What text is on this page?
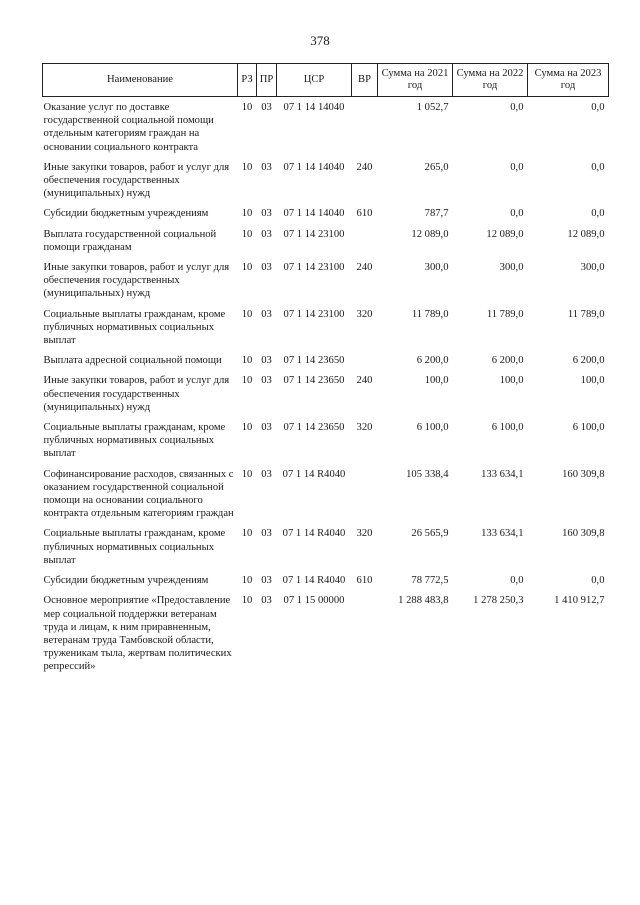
378
Наименование	РЗ	ПР	ЦСР	ВР	Сумма на 2021 год	Сумма на 2022 год	Сумма на 2023 год
Оказание услуг по доставке государственной социальной помощи отдельным категориям граждан на основании социального контракта	10	03	07 1 14 14040		1 052,7	0,0	0,0
Иные закупки товаров, работ и услуг для обеспечения государственных (муниципальных) нужд	10	03	07 1 14 14040	240	265,0	0,0	0,0
Субсидии бюджетным учреждениям	10	03	07 1 14 14040	610	787,7	0,0	0,0
Выплата государственной социальной помощи гражданам	10	03	07 1 14 23100		12 089,0	12 089,0	12 089,0
Иные закупки товаров, работ и услуг для обеспечения государственных (муниципальных) нужд	10	03	07 1 14 23100	240	300,0	300,0	300,0
Социальные выплаты гражданам, кроме публичных нормативных социальных выплат	10	03	07 1 14 23100	320	11 789,0	11 789,0	11 789,0
Выплата адресной социальной помощи	10	03	07 1 14 23650		6 200,0	6 200,0	6 200,0
Иные закупки товаров, работ и услуг для обеспечения государственных (муниципальных) нужд	10	03	07 1 14 23650	240	100,0	100,0	100,0
Социальные выплаты гражданам, кроме публичных нормативных социальных выплат	10	03	07 1 14 23650	320	6 100,0	6 100,0	6 100,0
Софинансирование расходов, связанных с оказанием государственной социальной помощи на основании социального контракта отдельным категориям граждан	10	03	07 1 14 R4040		105 338,4	133 634,1	160 309,8
Социальные выплаты гражданам, кроме публичных нормативных социальных выплат	10	03	07 1 14 R4040	320	26 565,9	133 634,1	160 309,8
Субсидии бюджетным учреждениям	10	03	07 1 14 R4040	610	78 772,5	0,0	0,0
Основное мероприятие «Предоставление мер социальной поддержки ветеранам труда и лицам, к ним приравненным, ветеранам труда Тамбовской области, труженикам тыла, жертвам политических репрессий»	10	03	07 1 15 00000		1 288 483,8	1 278 250,3	1 410 912,7
